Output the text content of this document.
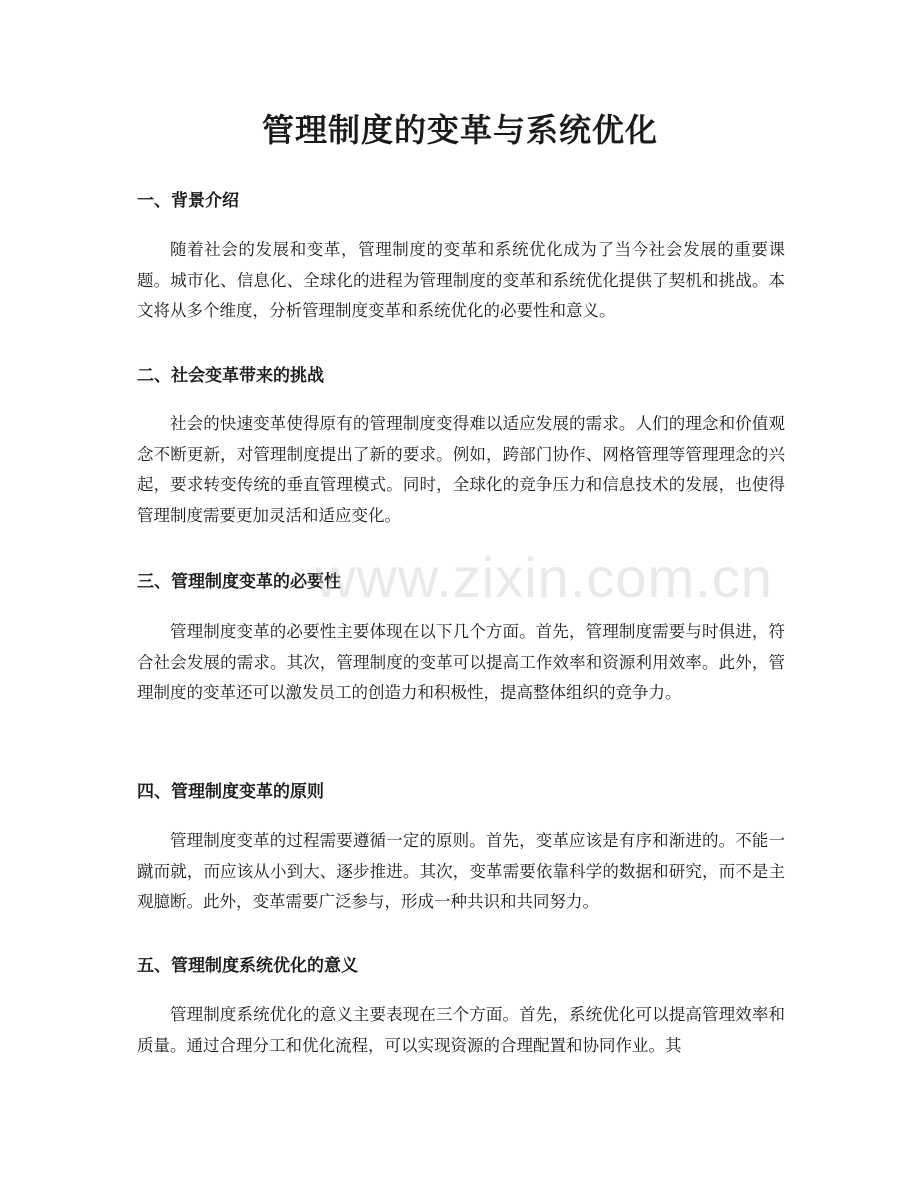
管理制度的变革与系统优化
一、背景介绍

随着社会的发展和变革，管理制度的变革和系统优化成为了当今社会发展的重要课题。城市化、信息化、全球化的进程为管理制度的变革和系统优化提供了契机和挑战。本文将从多个维度，分析管理制度变革和系统优化的必要性和意义。

二、社会变革带来的挑战

社会的快速变革使得原有的管理制度变得难以适应发展的需求。人们的理念和价值观念不断更新，对管理制度提出了新的要求。例如，跨部门协作、网格管理等管理理念的兴起，要求转变传统的垂直管理模式。同时，全球化的竞争压力和信息技术的发展，也使得管理制度需要更加灵活和适应变化。

三、管理制度变革的必要性

管理制度变革的必要性主要体现在以下几个方面。首先，管理制度需要与时俱进，符合社会发展的需求。其次，管理制度的变革可以提高工作效率和资源利用效率。此外，管理制度的变革还可以激发员工的创造力和积极性，提高整体组织的竞争力。

四、管理制度变革的原则

管理制度变革的过程需要遵循一定的原则。首先，变革应该是有序和渐进的。不能一蹴而就，而应该从小到大、逐步推进。其次，变革需要依靠科学的数据和研究，而不是主观臆断。此外，变革需要广泛参与，形成一种共识和共同努力。

五、管理制度系统优化的意义

管理制度系统优化的意义主要表现在三个方面。首先，系统优化可以提高管理效率和质量。通过合理分工和优化流程，可以实现资源的合理配置和协同作业。其

www.zixin.com.cn
